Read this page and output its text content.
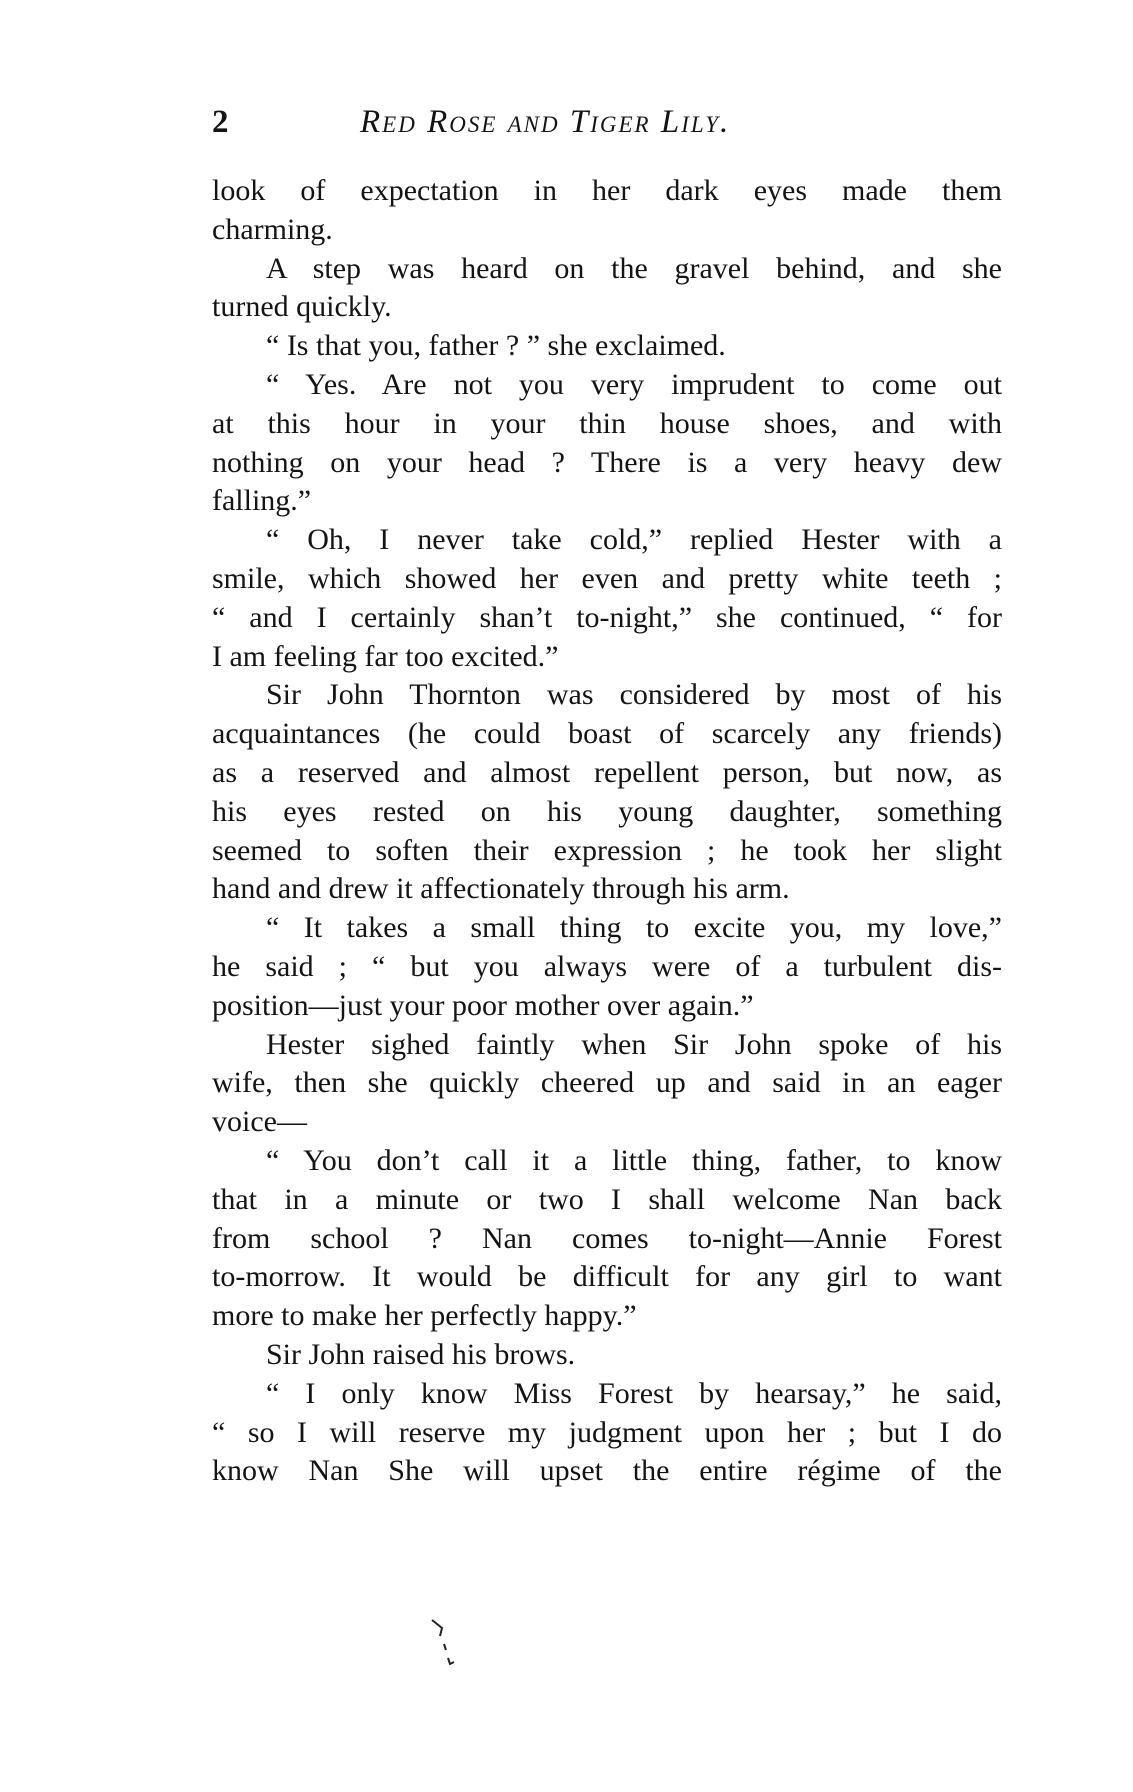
2	Red Rose and Tiger Lily.
look of expectation in her dark eyes made them
charming.
A step was heard on the gravel behind, and she
turned quickly.
“ Is that you, father ? ” she exclaimed.
“ Yes. Are not you very imprudent to come out
at this hour in your thin house shoes, and with
nothing on your head ? There is a very heavy dew
falling.”
“ Oh, I never take cold,” replied Hester with a
smile, which showed her even and pretty white teeth ;
“ and I certainly shan’t to-night,” she continued, “ for
I am feeling far too excited.”
Sir John Thornton was considered by most of his
acquaintances (he could boast of scarcely any friends)
as a reserved and almost repellent person, but now, as
his eyes rested on his young daughter, something
seemed to soften their expression ; he took her slight
hand and drew it affectionately through his arm.
“ It takes a small thing to excite you, my love,”
he said ; “ but you always were of a turbulent dis-
position—just your poor mother over again.”
Hester sighed faintly when Sir John spoke of his
wife, then she quickly cheered up and said in an eager
voice—
“ You don’t call it a little thing, father, to know
that in a minute or two I shall welcome Nan back
from school ? Nan comes to-night—Annie Forest
to-morrow. It would be difficult for any girl to want
more to make her perfectly happy.”
Sir John raised his brows.
“ I only know Miss Forest by hearsay,” he said,
“ so I will reserve my judgment upon her ; but I do
know Nan She will upset the entire régime of the
